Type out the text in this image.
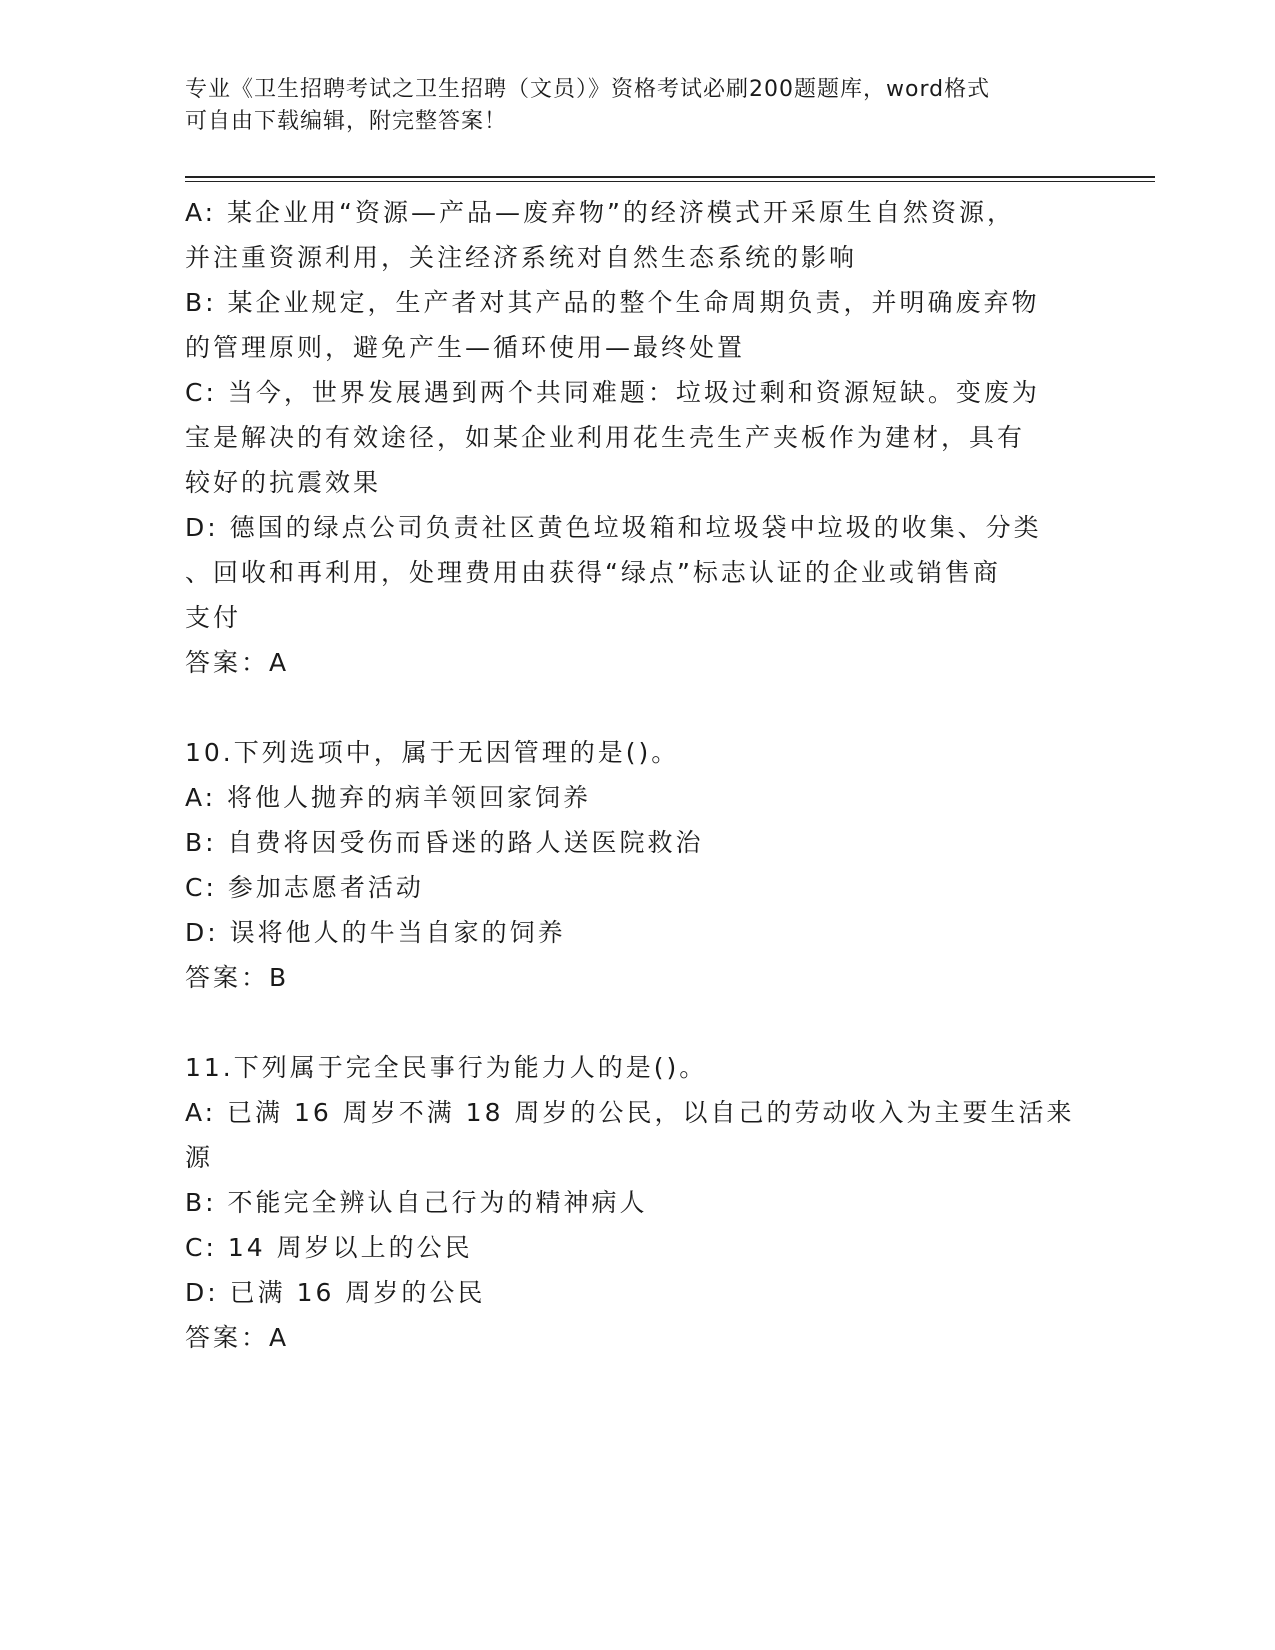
专业《卫生招聘考试之卫生招聘（文员）》资格考试必刷200题题库，word格式
可自由下载编辑，附完整答案！
A: 某企业用“资源—产品—废弃物”的经济模式开采原生自然资源，
并注重资源利用，关注经济系统对自然生态系统的影响
B: 某企业规定，生产者对其产品的整个生命周期负责，并明确废弃物
的管理原则，避免产生—循环使用—最终处置
C: 当今，世界发展遇到两个共同难题：垃圾过剩和资源短缺。变废为
宝是解决的有效途径，如某企业利用花生壳生产夹板作为建材，具有
较好的抗震效果
D: 德国的绿点公司负责社区黄色垃圾箱和垃圾袋中垃圾的收集、分类
、回收和再利用，处理费用由获得“绿点”标志认证的企业或销售商
支付
答案：A
10.下列选项中，属于无因管理的是()。
A: 将他人抛弃的病羊领回家饲养
B: 自费将因受伤而昏迷的路人送医院救治
C: 参加志愿者活动
D: 误将他人的牛当自家的饲养
答案：B
11.下列属于完全民事行为能力人的是()。
A: 已满 16 周岁不满 18 周岁的公民，以自己的劳动收入为主要生活来
源
B: 不能完全辨认自己行为的精神病人
C: 14 周岁以上的公民
D: 已满 16 周岁的公民
答案：A
